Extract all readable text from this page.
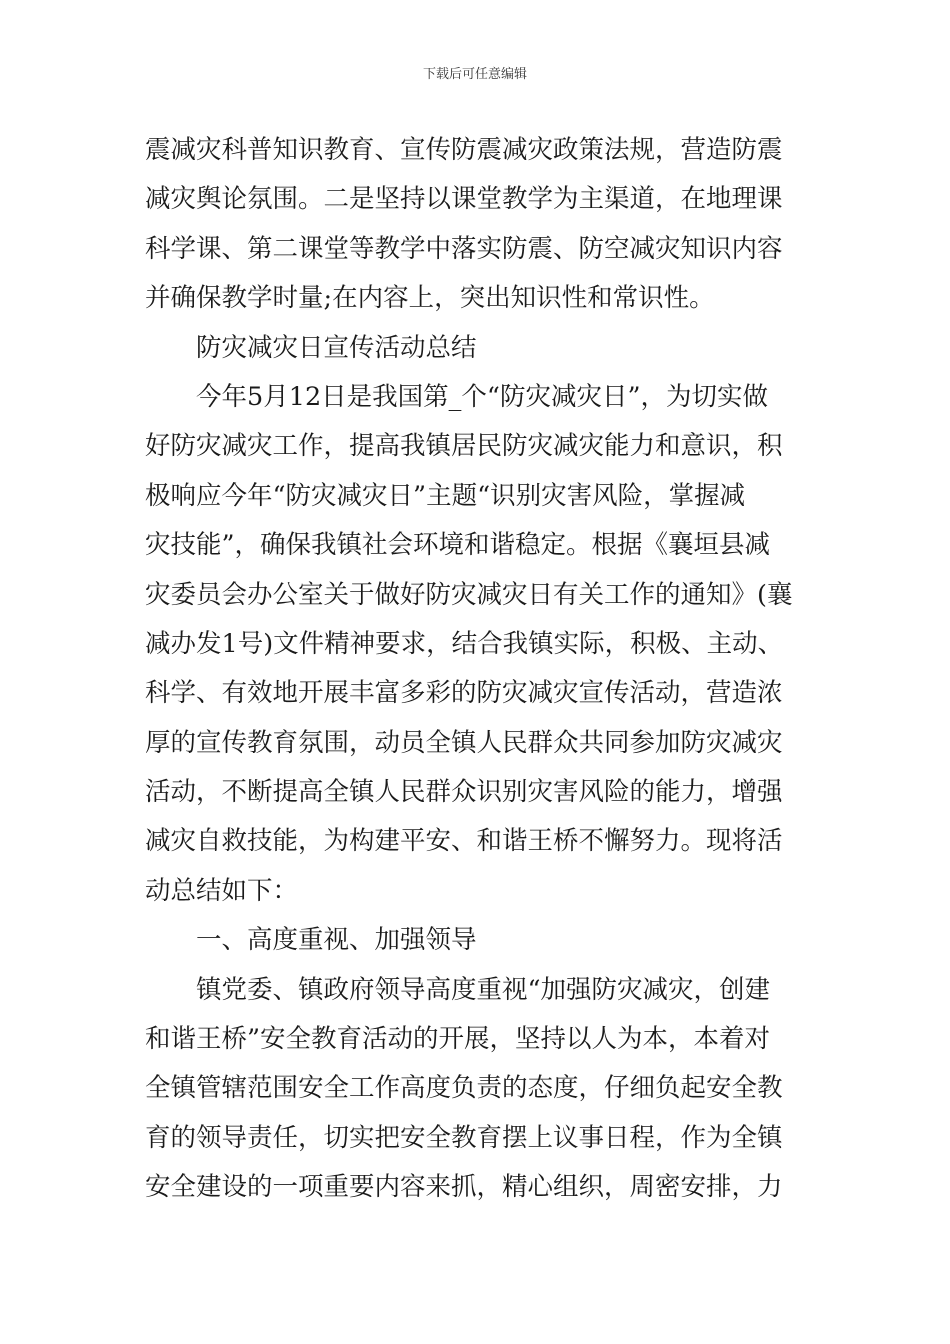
下载后可任意编辑
震减灾科普知识教育、宣传防震减灾政策法规，营造防震
减灾舆论氛围。二是坚持以课堂教学为主渠道，在地理课
科学课、第二课堂等教学中落实防震、防空减灾知识内容
并确保教学时量;在内容上，突出知识性和常识性。
防灾减灾日宣传活动总结
今年5月12日是我国第_个“防灾减灾日”，为切实做
好防灾减灾工作，提高我镇居民防灾减灾能力和意识，积
极响应今年“防灾减灾日”主题“识别灾害风险，掌握减
灾技能”，确保我镇社会环境和谐稳定。根据《襄垣县减
灾委员会办公室关于做好防灾减灾日有关工作的通知》(襄
减办发1号)文件精神要求，结合我镇实际，积极、主动、
科学、有效地开展丰富多彩的防灾减灾宣传活动，营造浓
厚的宣传教育氛围，动员全镇人民群众共同参加防灾减灾
活动，不断提高全镇人民群众识别灾害风险的能力，增强
减灾自救技能，为构建平安、和谐王桥不懈努力。现将活
动总结如下：
一、高度重视、加强领导
镇党委、镇政府领导高度重视“加强防灾减灾，创建
和谐王桥”安全教育活动的开展，坚持以人为本，本着对
全镇管辖范围安全工作高度负责的态度，仔细负起安全教
育的领导责任，切实把安全教育摆上议事日程，作为全镇
安全建设的一项重要内容来抓，精心组织，周密安排，力
